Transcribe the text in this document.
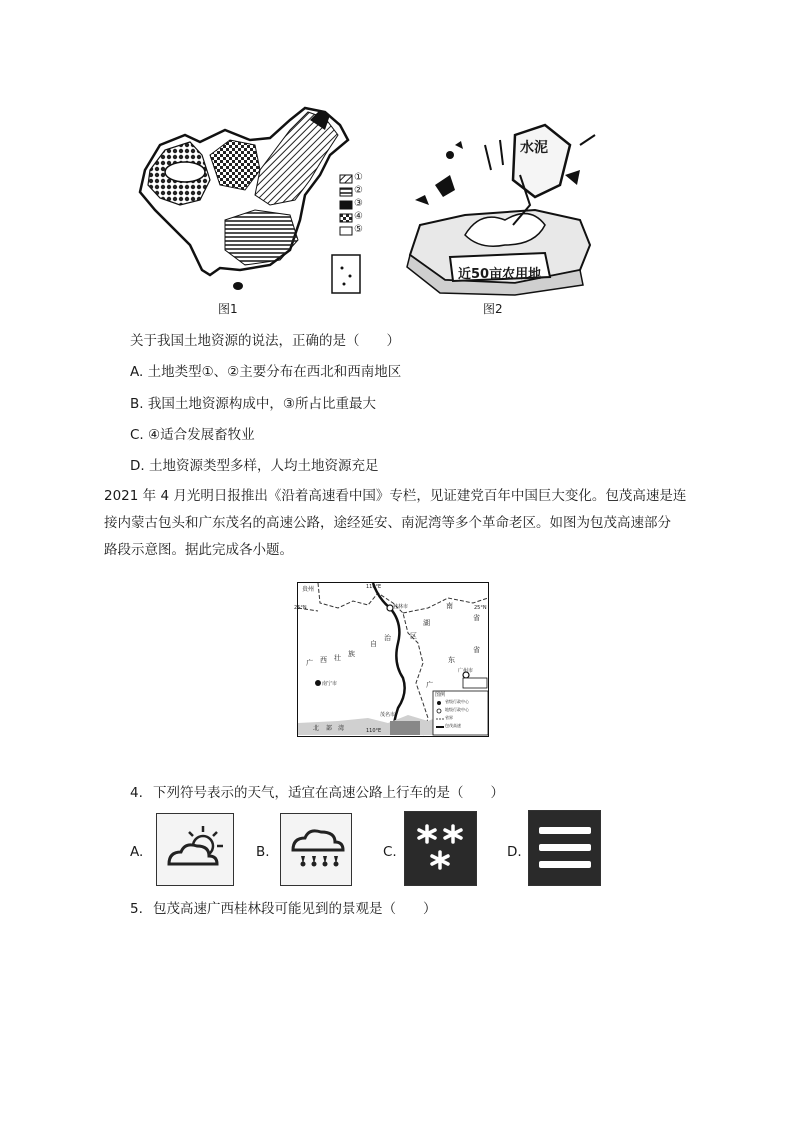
①
②
③
④
⑤
图1
水泥
近50亩农用地
图2
关于我国土地资源的说法，正确的是（　　）
A. 土地类型①、②主要分布在西北和西南地区
B. 我国土地资源构成中，③所占比重最大
C. ④适合发展畜牧业
D. 土地资源类型多样，人均土地资源充足
2021 年 4 月光明日报推出《沿着高速看中国》专栏，见证建党百年中国巨大变化。包茂高速是连
接内蒙古包头和广东茂名的高速公路，途经延安、南泥湾等多个革命老区。如图为包茂高速部分
路段示意图。据此完成各小题。
110°E
110°E
25°N	25°N
贵州
湖
南
省
广 西 壮 族
自
治	区
广
东
省
北 部 湾
桂林市
南宁市
茂名市
广州市
图例
省级行政中心
地级行政中心
省界
包茂高速
4. 下列符号表示的天气，适宜在高速公路上行车的是（　　）
A.	B.	C.	D.
5. 包茂高速广西桂林段可能见到的景观是（　　）
